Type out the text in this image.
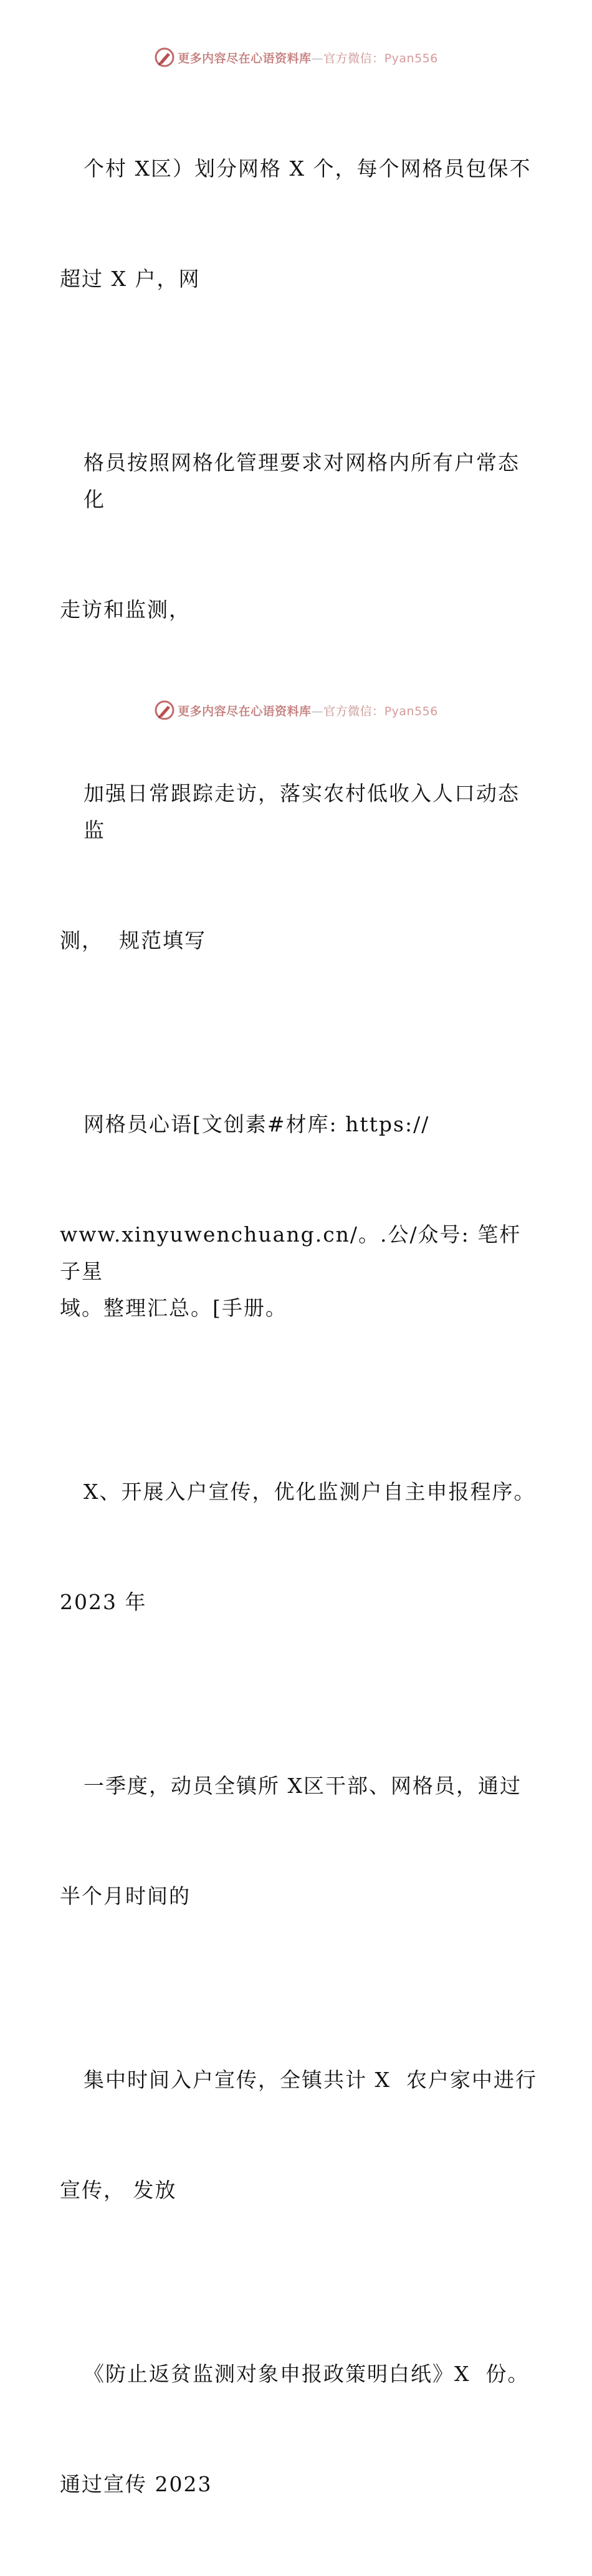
更多内容尽在心语资料库—官方微信：Pyan556

个村 X区）划分网格 X 个，每个网格员包保不

超过 X 户，网

格员按照网格化管理要求对网格内所有户常态化

走访和监测，

加强日常跟踪走访，落实农村低收入人口动态监

测，  规范填写

网格员心语[文创素#材库: https://

www.xinyuwenchuang.cn/。.公/众号: 笔杆子星
域。整理汇总。[手册。

X、开展入户宣传，优化监测户自主申报程序。

2023 年

一季度，动员全镇所 X区干部、网格员，通过

半个月时间的

集中时间入户宣传，全镇共计 X  农户家中进行

宣传， 发放

《防止返贫监测对象申报政策明白纸》X  份。

通过宣传 2023

更多内容尽在心语资料库—官方微信：Pyan556
